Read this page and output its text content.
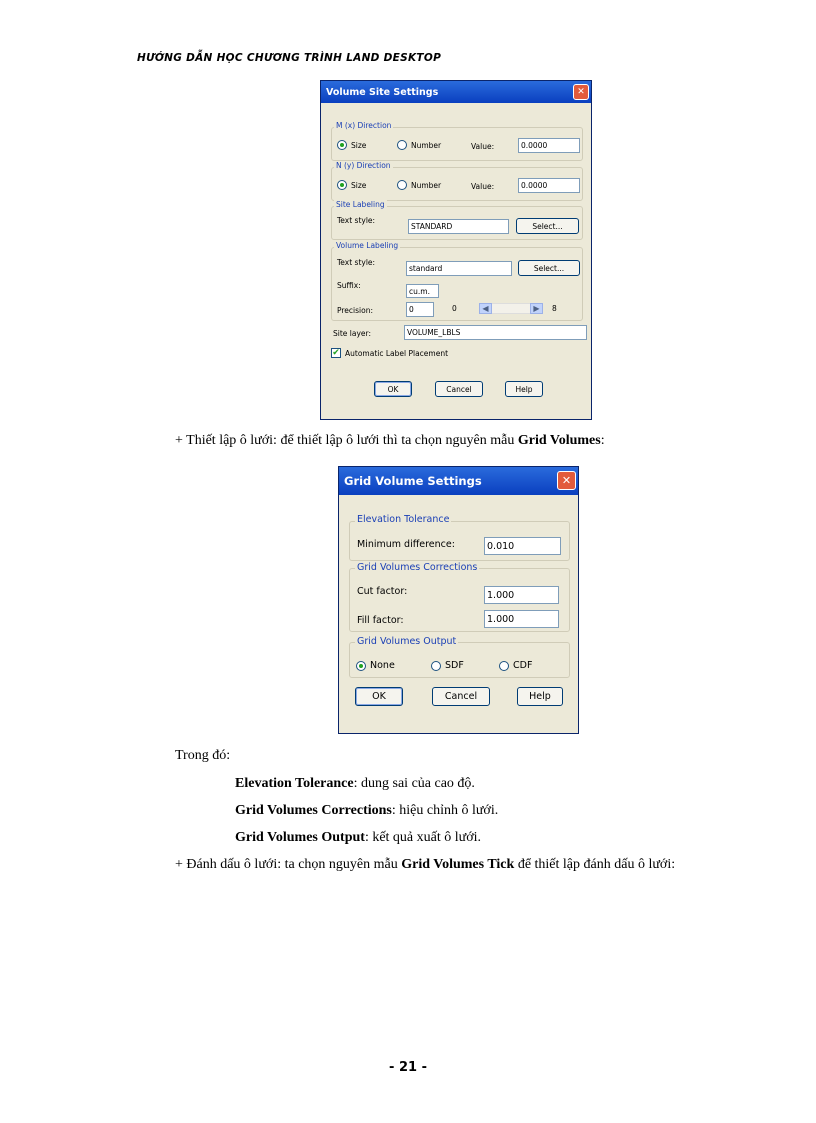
HƯỚNG DẪN HỌC CHƯƠNG TRÌNH LAND DESKTOP
Volume Site Settings	✕
M (x) Direction
Size	Number	Value:	0.0000
N (y) Direction
Size	Number	Value:	0.0000
Site Labeling
Text style:
STANDARD	Select...
Volume Labeling
Text style:
standard	Select...
Suffix:
cu.m.
Precision:	0	0	◀	▶	8
Site layer:	VOLUME_LBLS
✔ Automatic Label Placement
OK	Cancel	Help
+ Thiết lập ô lưới: để thiết lập ô lưới thì ta chọn nguyên mẫu Grid Volumes:
Grid Volume Settings	✕
Elevation Tolerance
Minimum difference:	0.010
Grid Volumes Corrections
Cut factor:	1.000
Fill factor:	1.000
Grid Volumes Output
None	SDF	CDF
OK	Cancel	Help
Trong đó:
Elevation Tolerance: dung sai của cao độ.
Grid Volumes Corrections: hiệu chỉnh ô lưới.
Grid Volumes Output: kết quả xuất ô lưới.
+ Đánh dấu ô lưới: ta chọn nguyên mẫu Grid Volumes Tick để thiết lập đánh dấu ô lưới:
- 21 -
